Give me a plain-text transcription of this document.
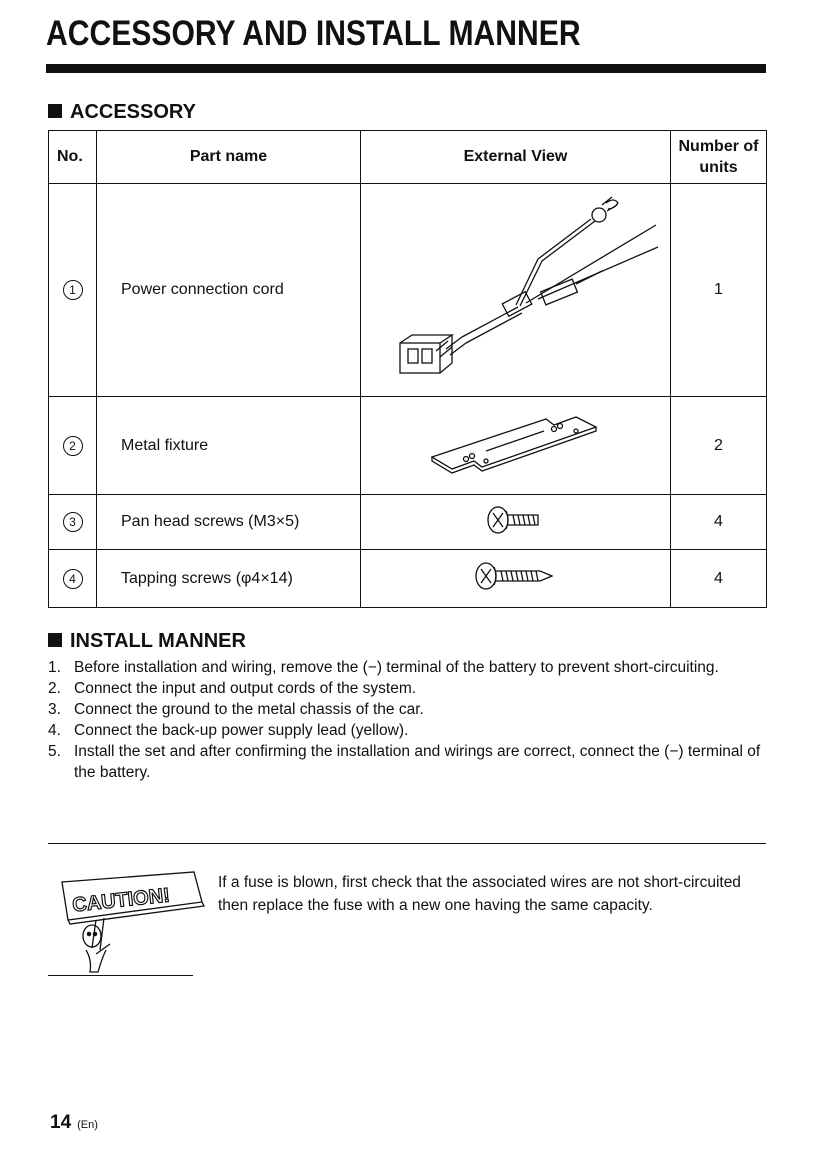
ACCESSORY AND INSTALL MANNER
ACCESSORY
No.	Part name	External View	Number of units
1	Power connection cord		1
2	Metal fixture		2
3	Pan head screws (M3×5)		4
4	Tapping screws (φ4×14)		4
INSTALL MANNER
1. Before installation and wiring, remove the (−) terminal of the battery to prevent short-circuiting.
2. Connect the input and output cords of the system.
3. Connect the ground to the metal chassis of the car.
4. Connect the back-up power supply lead (yellow).
5. Install the set and after confirming the installation and wirings are correct, connect the (−) terminal of the battery.
CAUTION!
If a fuse is blown, first check that the associated wires are not short-circuited then replace the fuse with a new one having the same capacity.
14 (En)
